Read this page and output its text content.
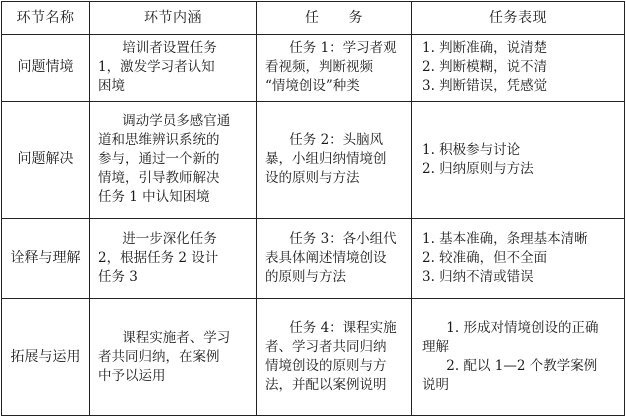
环节名称	环节内涵	任　　务	任务表现
问题情境	培训者设置任务
1，激发学习者认知
困境	任务 1：学习者观
看视频，判断视频
“情境创设”种类	1. 判断准确，说清楚
2. 判断模糊，说不清
3. 判断错误，凭感觉

问题解决	调动学员多感官通
道和思维辨识系统的
参与，通过一个新的
情境，引导教师解决
任务 1 中认知困境	任务 2：头脑风
暴，小组归纳情境创
设的原则与方法	1. 积极参与讨论
2. 归纳原则与方法

诠释与理解	进一步深化任务
2，根据任务 2 设计
任务 3	任务 3：各小组代
表具体阐述情境创设
的原则与方法	1. 基本准确，条理基本清晰
2. 较准确，但不全面
3. 归纳不清或错误

拓展与运用	课程实施者、学习
者共同归纳，在案例
中予以运用	任务 4：课程实施
者、学习者共同归纳
情境创设的原则与方
法，并配以案例说明	1. 形成对情境创设的正确
理解
2. 配以 1—2 个教学案例
说明
